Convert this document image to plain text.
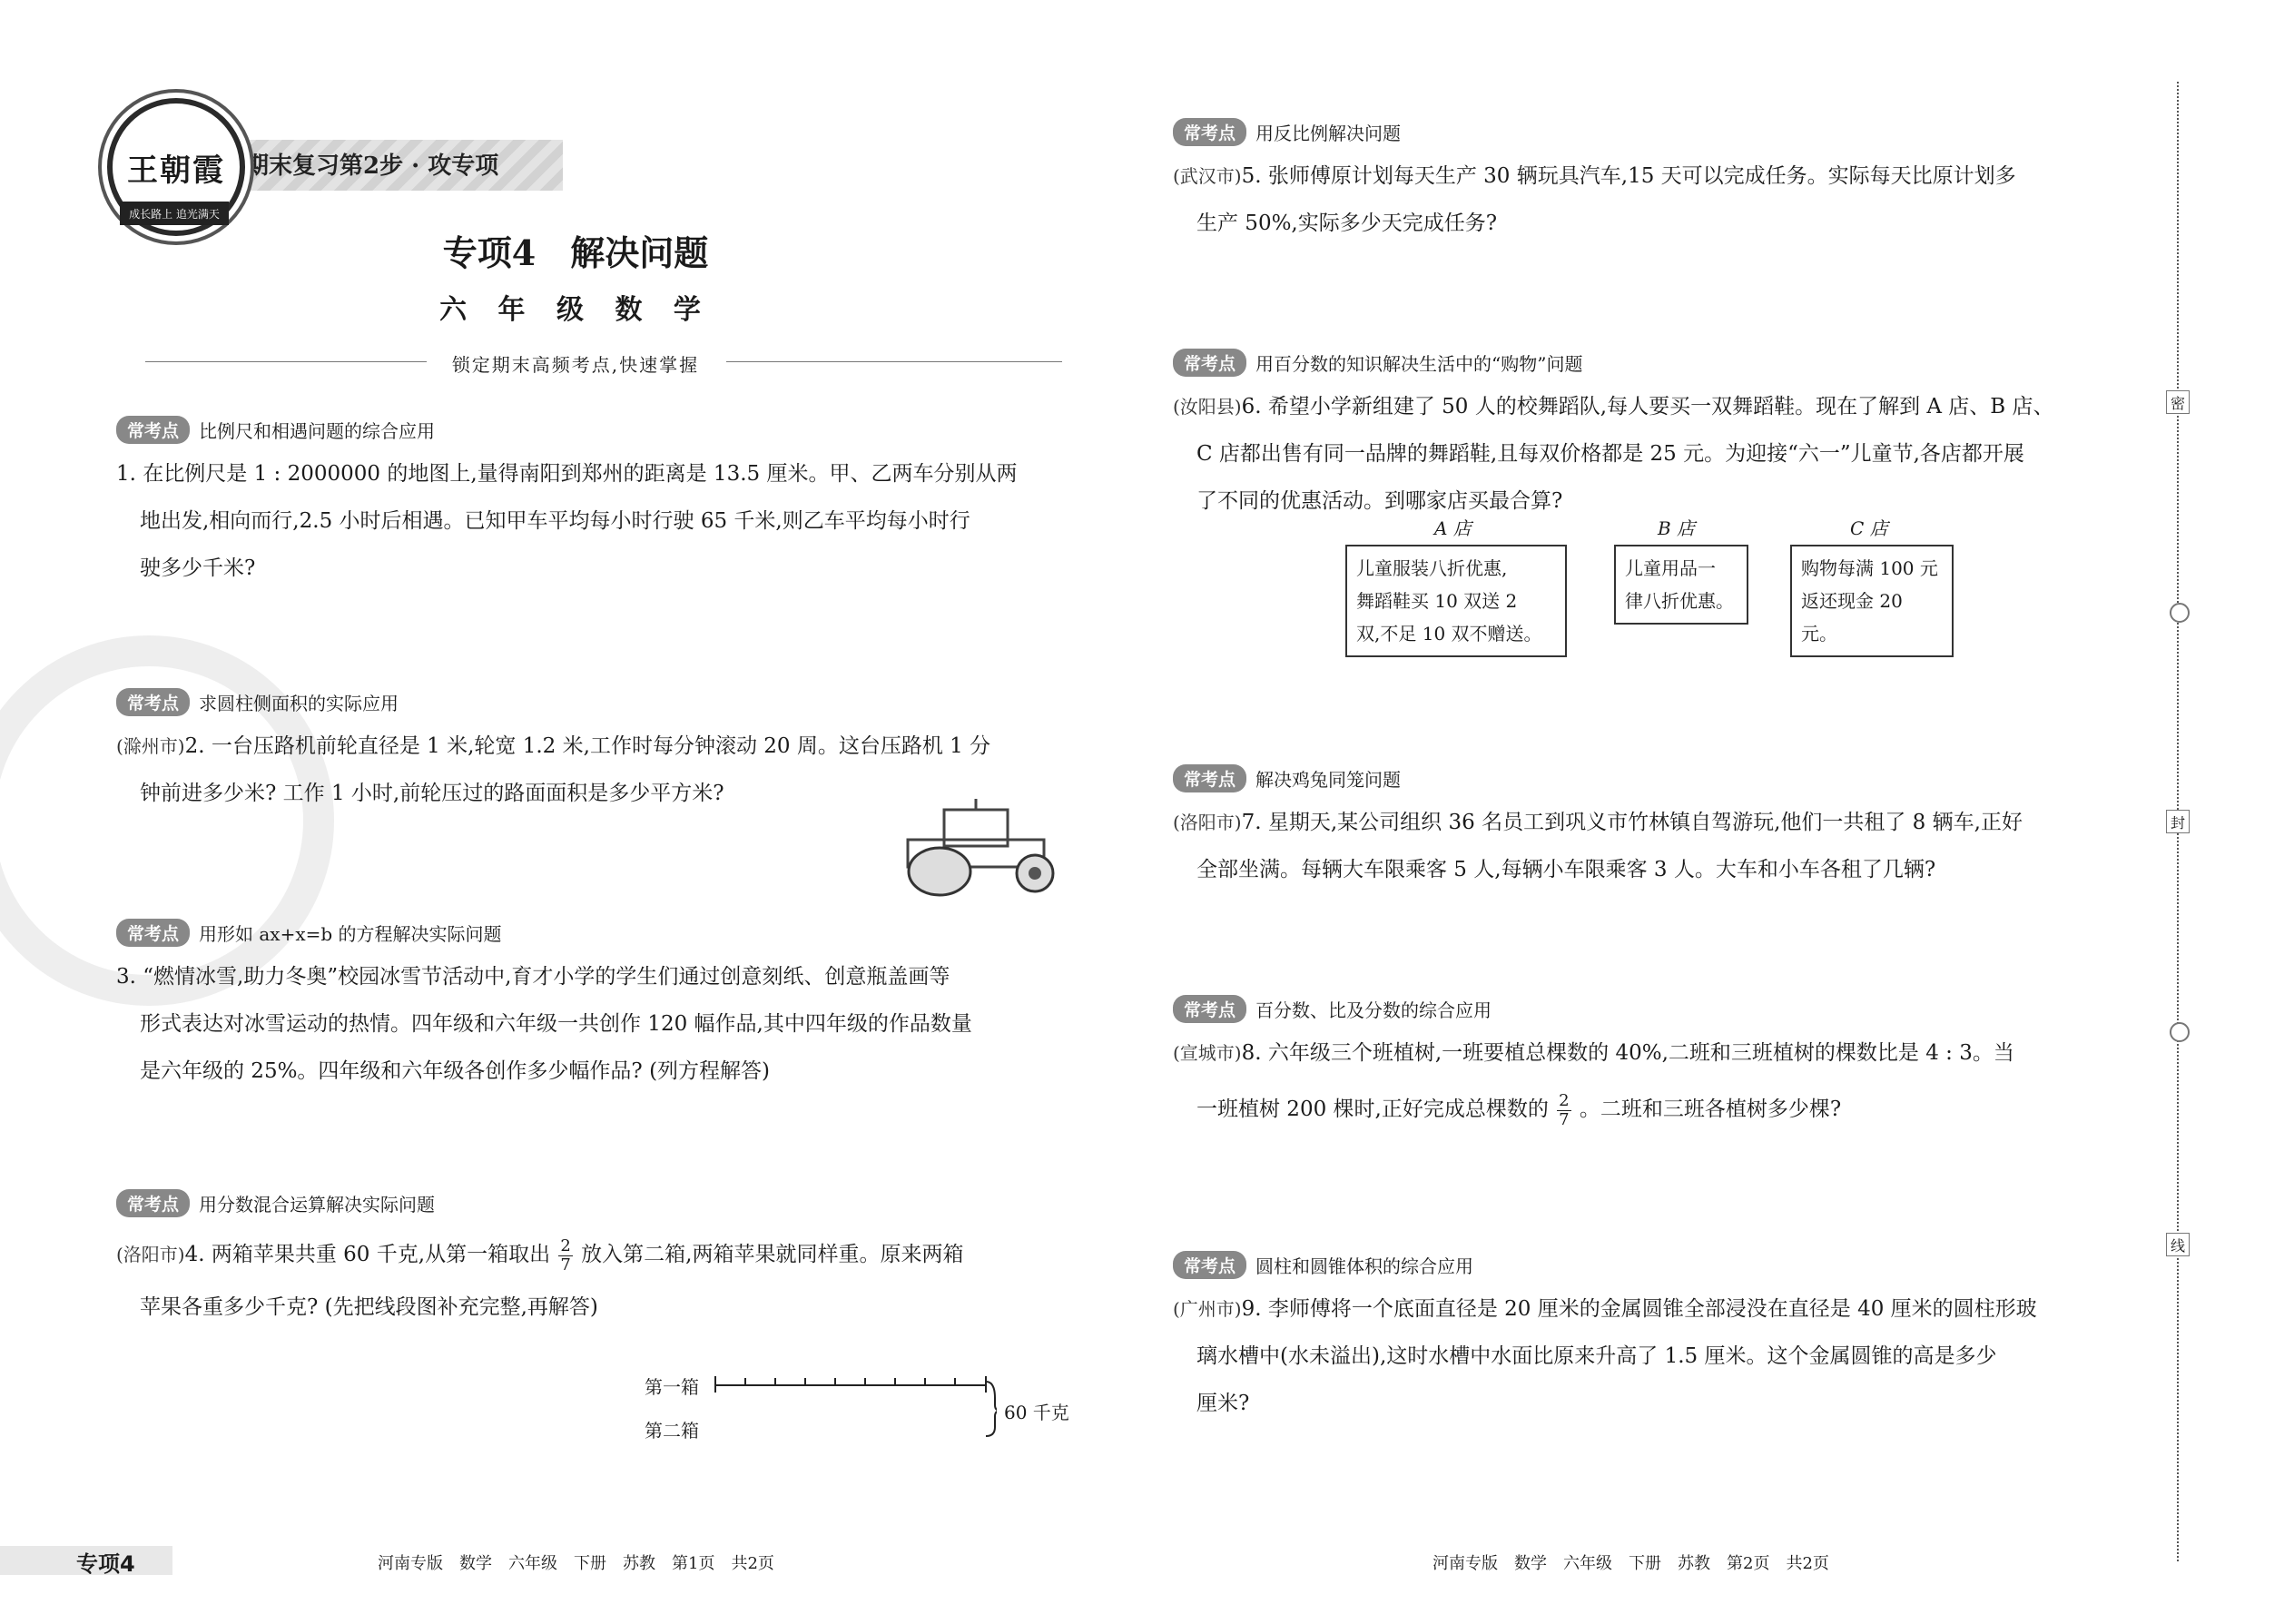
期末复习第2步 · 攻专项
王朝霞
成长路上 追光满天
专项4　解决问题
六 年 级 数 学
锁定期末高频考点,快速掌握
常考点	比例尺和相遇问题的综合应用
1. 在比例尺是 1 : 2000000 的地图上,量得南阳到郑州的距离是 13.5 厘米。甲、乙两车分别从两
地出发,相向而行,2.5 小时后相遇。已知甲车平均每小时行驶 65 千米,则乙车平均每小时行
驶多少千米?
常考点	求圆柱侧面积的实际应用
(滁州市)2. 一台压路机前轮直径是 1 米,轮宽 1.2 米,工作时每分钟滚动 20 周。这台压路机 1 分
钟前进多少米? 工作 1 小时,前轮压过的路面面积是多少平方米?
常考点	用形如 ax+x=b 的方程解决实际问题
3. “燃情冰雪,助力冬奥”校园冰雪节活动中,育才小学的学生们通过创意刻纸、创意瓶盖画等
形式表达对冰雪运动的热情。四年级和六年级一共创作 120 幅作品,其中四年级的作品数量
是六年级的 25%。四年级和六年级各创作多少幅作品? (列方程解答)
常考点	用分数混合运算解决实际问题
(洛阳市)4. 两箱苹果共重 60 千克,从第一箱取出 $\frac{2}{7}$ 放入第二箱,两箱苹果就同样重。原来两箱
苹果各重多少千克? (先把线段图补充完整,再解答)
第一箱
第二箱
60 千克
常考点	用反比例解决问题
(武汉市)5. 张师傅原计划每天生产 30 辆玩具汽车,15 天可以完成任务。实际每天比原计划多
生产 50%,实际多少天完成任务?
常考点	用百分数的知识解决生活中的“购物”问题
(汝阳县)6. 希望小学新组建了 50 人的校舞蹈队,每人要买一双舞蹈鞋。现在了解到 A 店、B 店、
C 店都出售有同一品牌的舞蹈鞋,且每双价格都是 25 元。为迎接“六一”儿童节,各店都开展
了不同的优惠活动。到哪家店买最合算?
A 店
儿童服装八折优惠,
舞蹈鞋买 10 双送 2
双,不足 10 双不赠送。
B 店
儿童用品一
律八折优惠。
C 店
购物每满 100 元
返还现金 20 元。
常考点	解决鸡兔同笼问题
(洛阳市)7. 星期天,某公司组织 36 名员工到巩义市竹林镇自驾游玩,他们一共租了 8 辆车,正好
全部坐满。每辆大车限乘客 5 人,每辆小车限乘客 3 人。大车和小车各租了几辆?
常考点	百分数、比及分数的综合应用
(宣城市)8. 六年级三个班植树,一班要植总棵数的 40%,二班和三班植树的棵数比是 4 : 3。当
一班植树 200 棵时,正好完成总棵数的 $\frac{2}{7}$ 。二班和三班各植树多少棵?
常考点	圆柱和圆锥体积的综合应用
(广州市)9. 李师傅将一个底面直径是 20 厘米的金属圆锥全部浸没在直径是 40 厘米的圆柱形玻
璃水槽中(水未溢出),这时水槽中水面比原来升高了 1.5 厘米。这个金属圆锥的高是多少
厘米?
密
封
线
专项4	河南专版　数学　六年级　下册　苏教　第1页　共2页	河南专版　数学　六年级　下册　苏教　第2页　共2页
